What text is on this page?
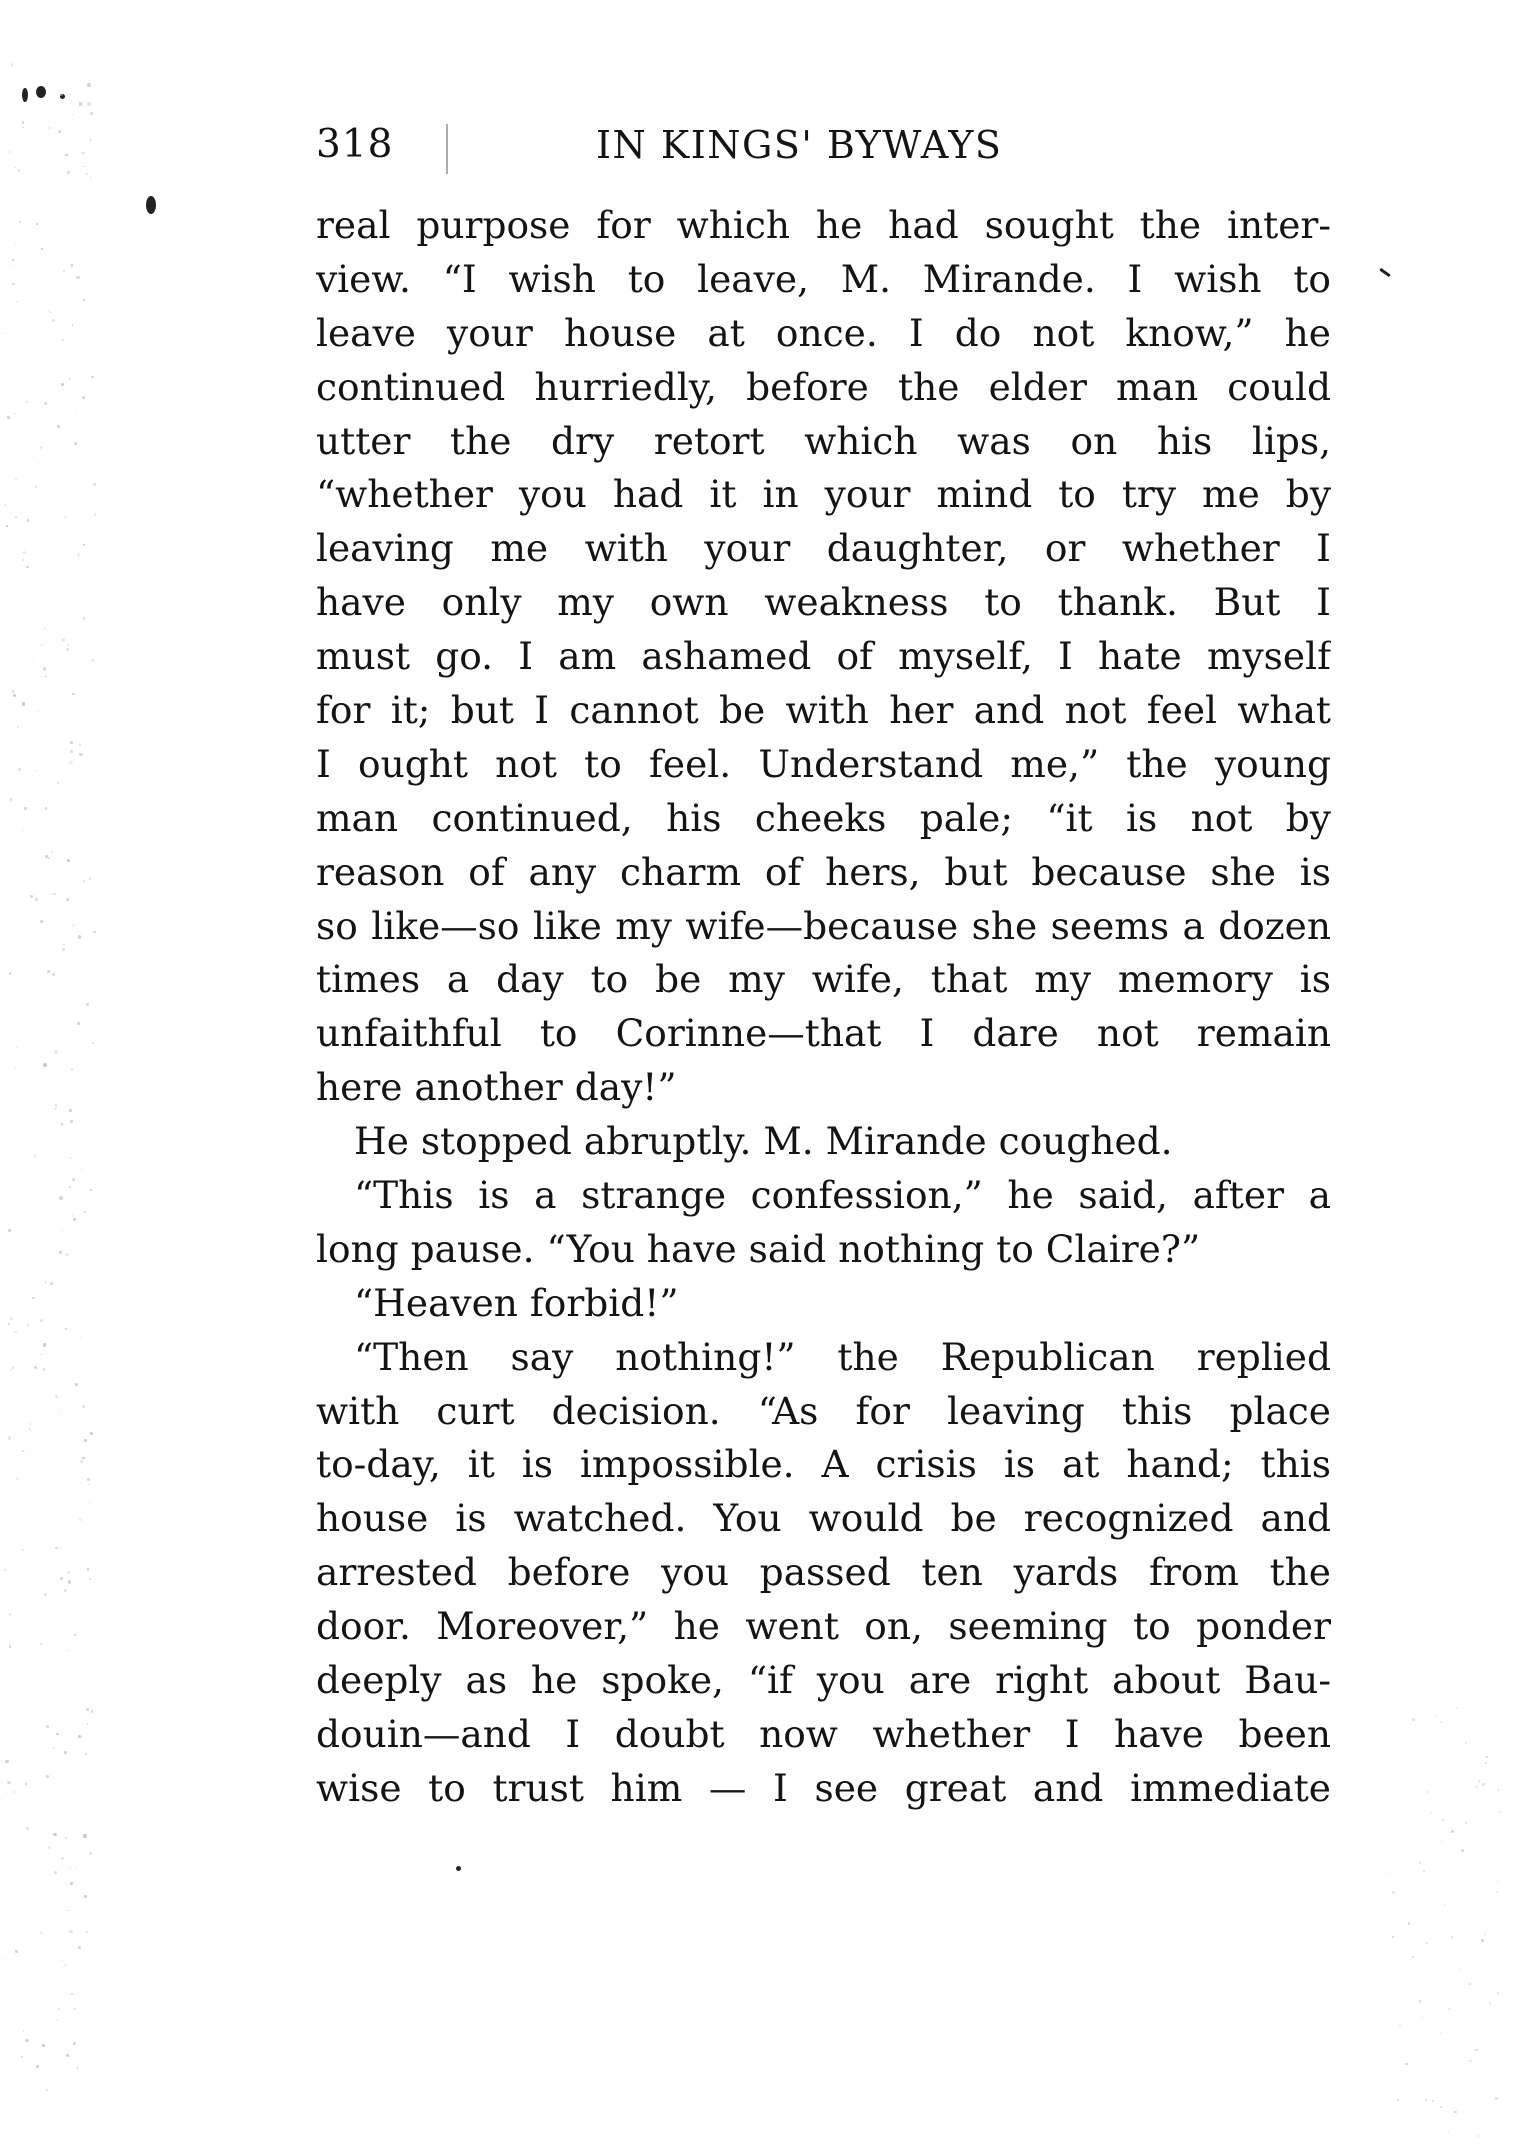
318	IN KINGS' BYWAYS
real purpose for which he had sought the inter-
view. “I wish to leave, M. Mirande. I wish to
leave your house at once. I do not know,” he
continued hurriedly, before the elder man could
utter the dry retort which was on his lips,
“whether you had it in your mind to try me by
leaving me with your daughter, or whether I
have only my own weakness to thank. But I
must go. I am ashamed of myself, I hate myself
for it; but I cannot be with her and not feel what
I ought not to feel. Understand me,” the young
man continued, his cheeks pale; “it is not by
reason of any charm of hers, but because she is
so like—so like my wife—because she seems a dozen
times a day to be my wife, that my memory is
unfaithful to Corinne—that I dare not remain
here another day!”
He stopped abruptly. M. Mirande coughed.
“This is a strange confession,” he said, after a
long pause. “You have said nothing to Claire?”
“Heaven forbid!”
“Then say nothing!” the Republican replied
with curt decision. “As for leaving this place
to-day, it is impossible. A crisis is at hand; this
house is watched. You would be recognized and
arrested before you passed ten yards from the
door. Moreover,” he went on, seeming to ponder
deeply as he spoke, “if you are right about Bau-
douin—and I doubt now whether I have been
wise to trust him — I see great and immediate
